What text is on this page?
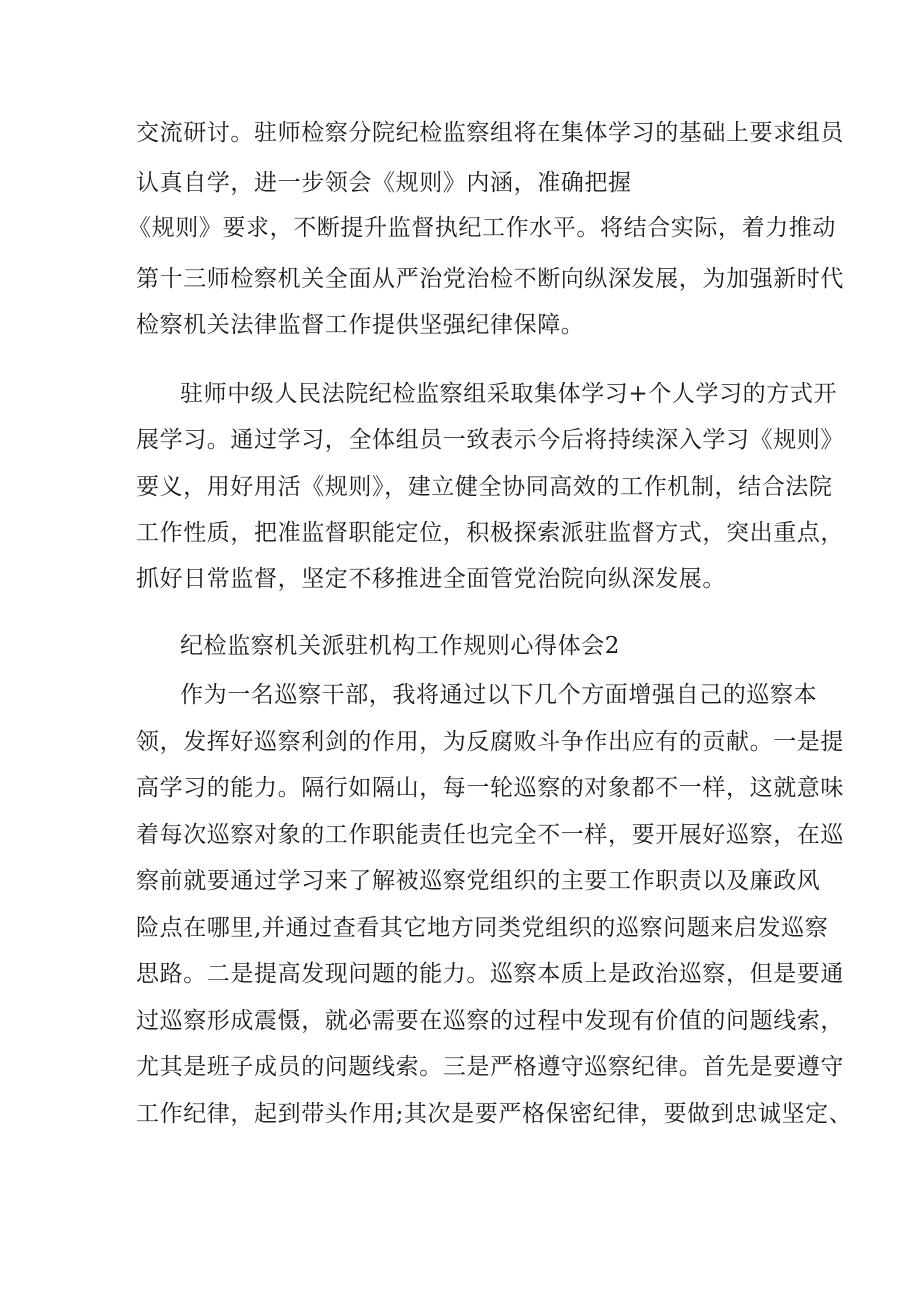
交流研讨。驻师检察分院纪检监察组将在集体学习的基础上要求组员
认真自学，进一步领会《规则》内涵，准确把握
《规则》要求，不断提升监督执纪工作水平。将结合实际，着力推动
第十三师检察机关全面从严治党治检不断向纵深发展，为加强新时代
检察机关法律监督工作提供坚强纪律保障。
驻师中级人民法院纪检监察组采取集体学习+个人学习的方式开
展学习。通过学习，全体组员一致表示今后将持续深入学习《规则》
要义，用好用活《规则》，建立健全协同高效的工作机制，结合法院
工作性质，把准监督职能定位，积极探索派驻监督方式，突出重点，
抓好日常监督，坚定不移推进全面管党治院向纵深发展。
纪检监察机关派驻机构工作规则心得体会2
作为一名巡察干部，我将通过以下几个方面增强自己的巡察本
领，发挥好巡察利剑的作用，为反腐败斗争作出应有的贡献。一是提
高学习的能力。隔行如隔山，每一轮巡察的对象都不一样，这就意味
着每次巡察对象的工作职能责任也完全不一样，要开展好巡察，在巡
察前就要通过学习来了解被巡察党组织的主要工作职责以及廉政风
险点在哪里,并通过查看其它地方同类党组织的巡察问题来启发巡察
思路。二是提高发现问题的能力。巡察本质上是政治巡察，但是要通
过巡察形成震慑，就必需要在巡察的过程中发现有价值的问题线索，
尤其是班子成员的问题线索。三是严格遵守巡察纪律。首先是要遵守
工作纪律，起到带头作用;其次是要严格保密纪律，要做到忠诚坚定、
